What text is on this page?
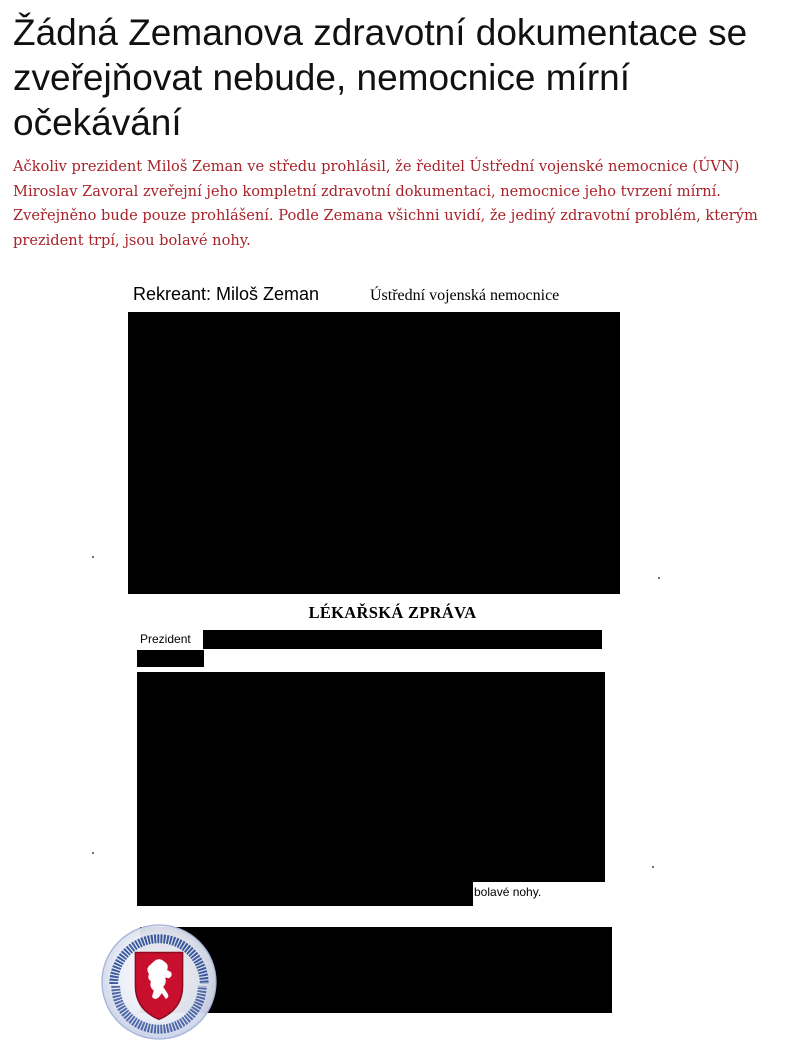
Žádná Zemanova zdravotní dokumentace se zveřejňovat nebude, nemocnice mírní očekávání

Ačkoliv prezident Miloš Zeman ve středu prohlásil, že ředitel Ústřední vojenské nemocnice (ÚVN) Miroslav Zavoral zveřejní jeho kompletní zdravotní dokumentaci, nemocnice jeho tvrzení mírní. Zveřejněno bude pouze prohlášení. Podle Zemana všichni uvidí, že jediný zdravotní problém, kterým prezident trpí, jsou bolavé nohy.

Rekreant: Miloš Zeman	Ústřední vojenská nemocnice
LÉKAŘSKÁ ZPRÁVA
Prezident
bolavé nohy.
